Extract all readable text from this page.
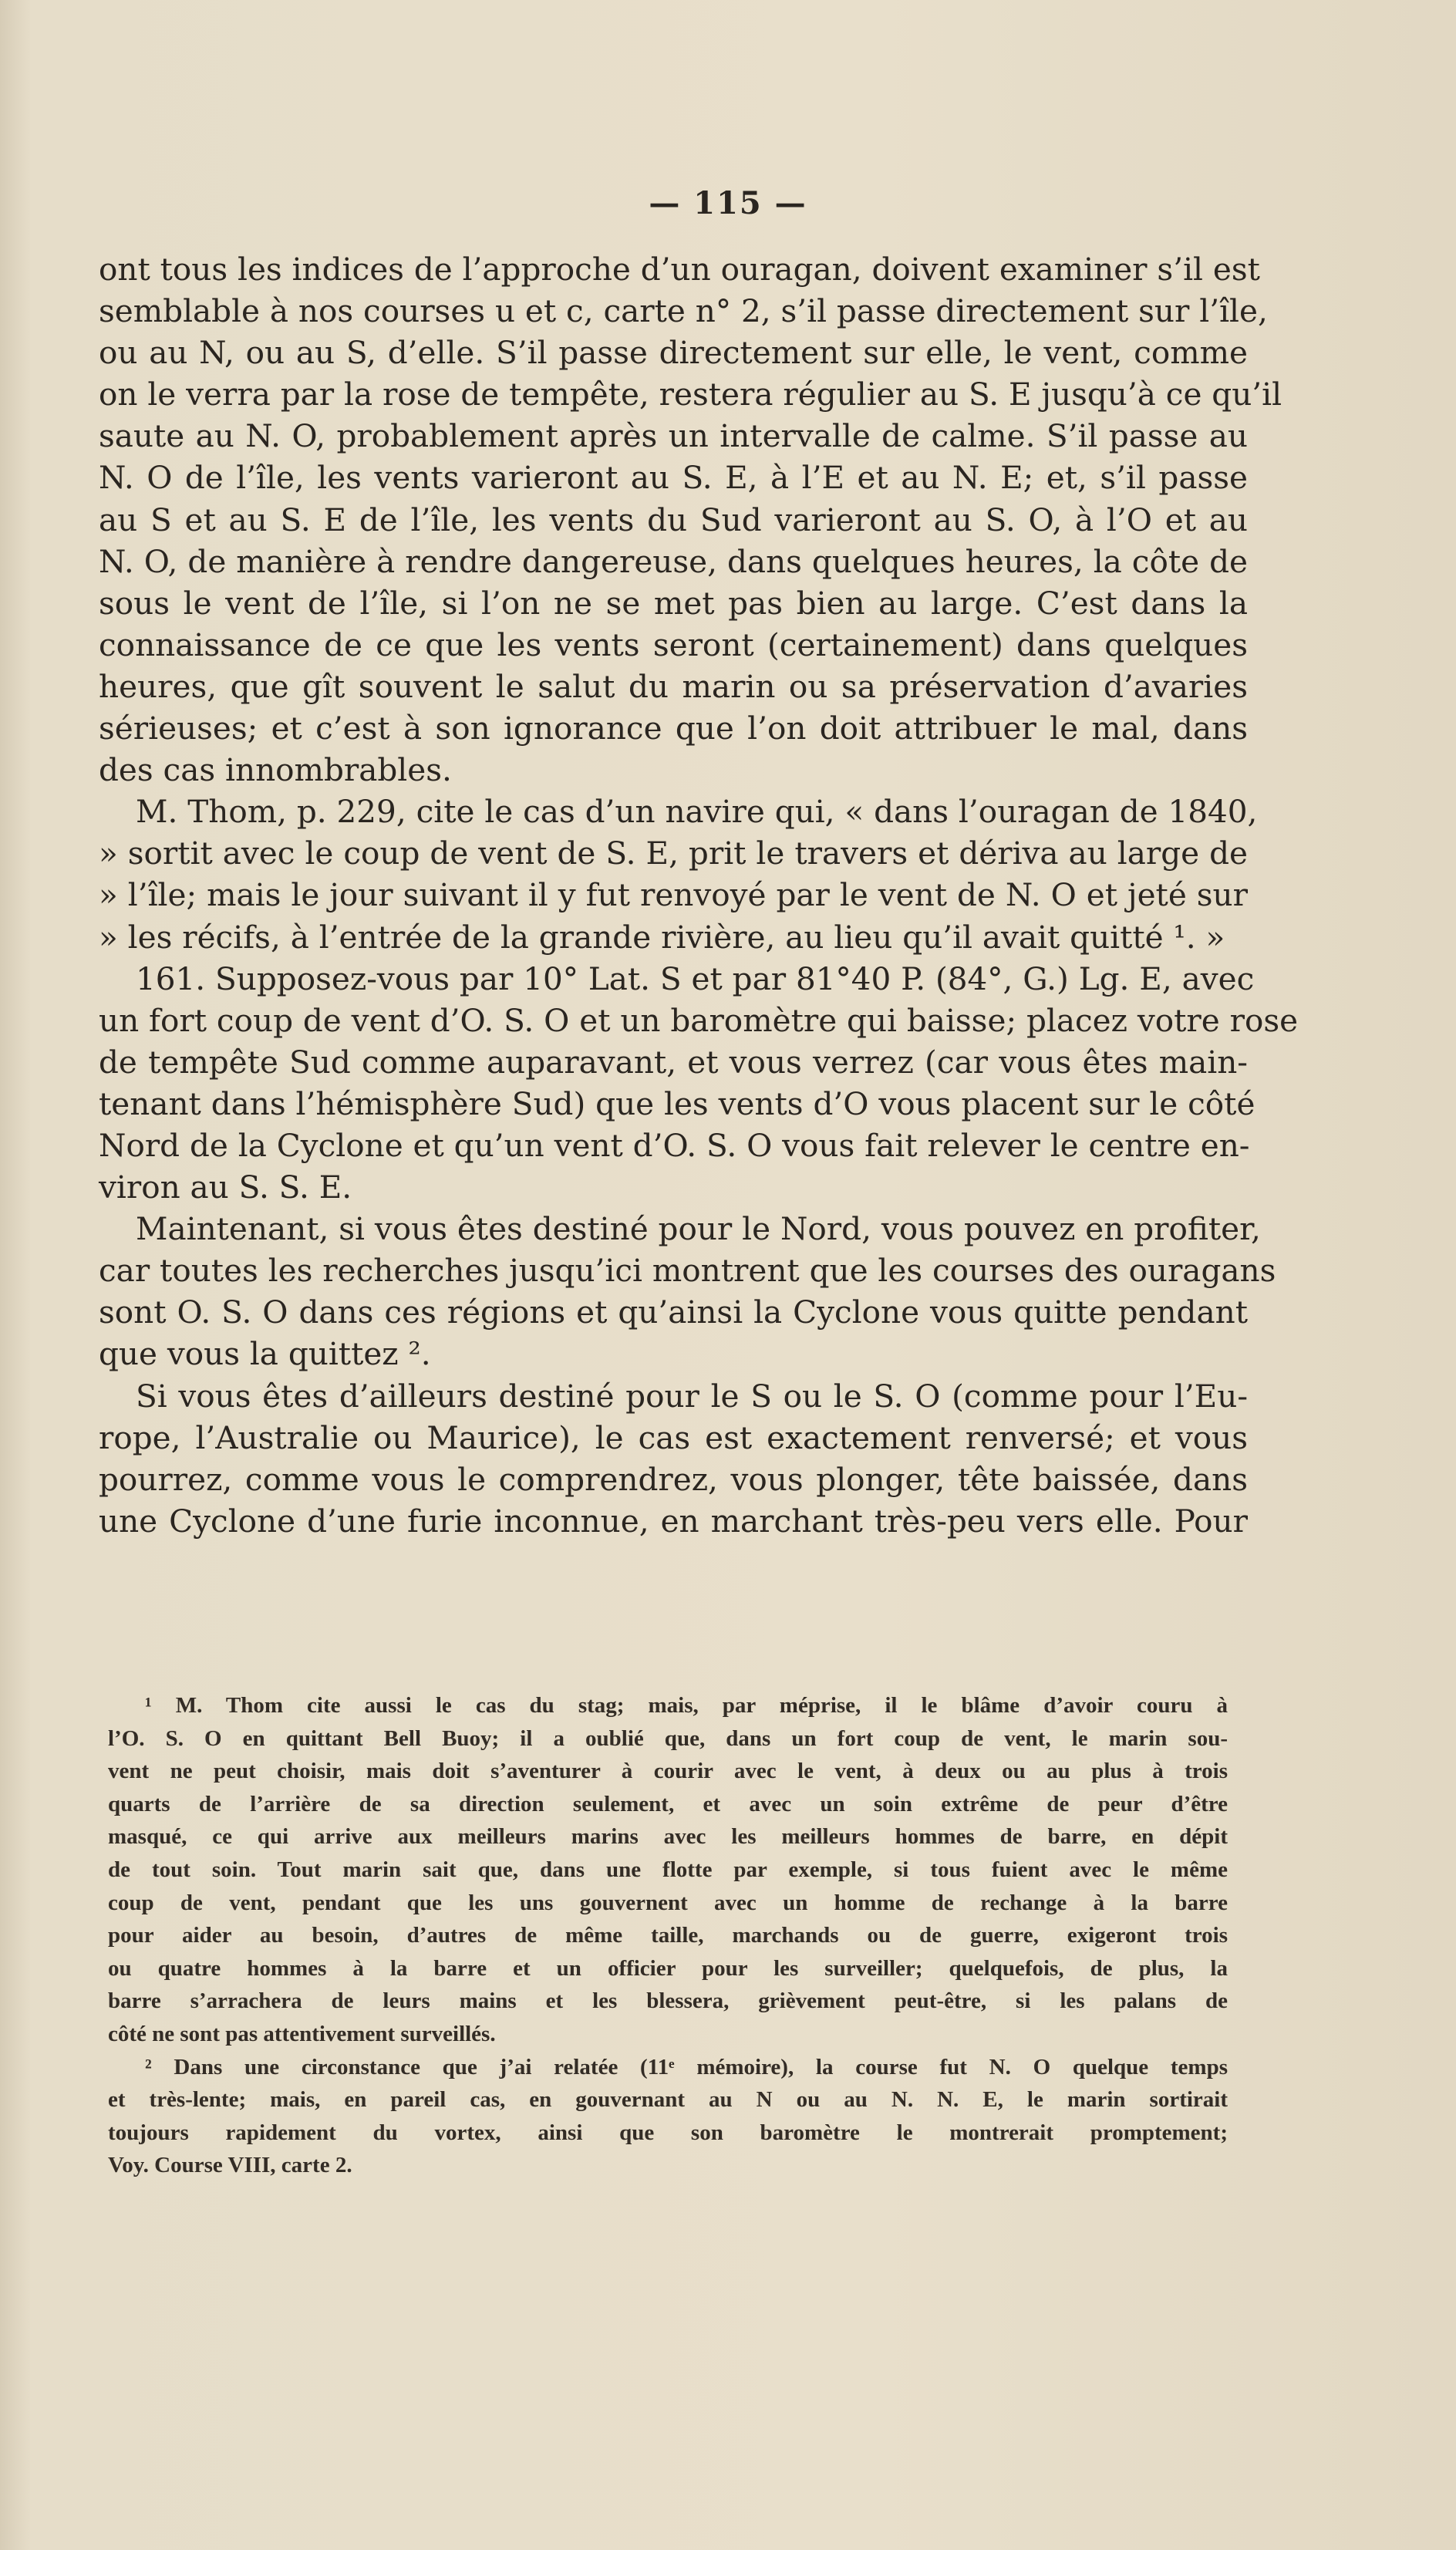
— 115 —
ont tous les indices de l’approche d’un ouragan, doivent examiner s’il est
semblable à nos courses u et c, carte n° 2, s’il passe directement sur l’île,
ou au N, ou au S, d’elle. S’il passe directement sur elle, le vent, comme
on le verra par la rose de tempête, restera régulier au S. E jusqu’à ce qu’il
saute au N. O, probablement après un intervalle de calme. S’il passe au
N. O de l’île, les vents varieront au S. E, à l’E et au N. E; et, s’il passe
au S et au S. E de l’île, les vents du Sud varieront au S. O, à l’O et au
N. O, de manière à rendre dangereuse, dans quelques heures, la côte de
sous le vent de l’île, si l’on ne se met pas bien au large. C’est dans la
connaissance de ce que les vents seront (certainement) dans quelques
heures, que gît souvent le salut du marin ou sa préservation d’avaries
sérieuses; et c’est à son ignorance que l’on doit attribuer le mal, dans
des cas innombrables.
M. Thom, p. 229, cite le cas d’un navire qui, « dans l’ouragan de 1840,
» sortit avec le coup de vent de S. E, prit le travers et dériva au large de
» l’île; mais le jour suivant il y fut renvoyé par le vent de N. O et jeté sur
» les récifs, à l’entrée de la grande rivière, au lieu qu’il avait quitté ¹. »
161. Supposez-vous par 10° Lat. S et par 81°40 P. (84°, G.) Lg. E, avec
un fort coup de vent d’O. S. O et un baromètre qui baisse; placez votre rose
de tempête Sud comme auparavant, et vous verrez (car vous êtes main-
tenant dans l’hémisphère Sud) que les vents d’O vous placent sur le côté
Nord de la Cyclone et qu’un vent d’O. S. O vous fait relever le centre en-
viron au S. S. E.
Maintenant, si vous êtes destiné pour le Nord, vous pouvez en profiter,
car toutes les recherches jusqu’ici montrent que les courses des ouragans
sont O. S. O dans ces régions et qu’ainsi la Cyclone vous quitte pendant
que vous la quittez ².
Si vous êtes d’ailleurs destiné pour le S ou le S. O (comme pour l’Eu-
rope, l’Australie ou Maurice), le cas est exactement renversé; et vous
pourrez, comme vous le comprendrez, vous plonger, tête baissée, dans
une Cyclone d’une furie inconnue, en marchant très-peu vers elle. Pour
¹ M. Thom cite aussi le cas du stag; mais, par méprise, il le blâme d’avoir couru à
l’O. S. O en quittant Bell Buoy; il a oublié que, dans un fort coup de vent, le marin sou-
vent ne peut choisir, mais doit s’aventurer à courir avec le vent, à deux ou au plus à trois
quarts de l’arrière de sa direction seulement, et avec un soin extrême de peur d’être
masqué, ce qui arrive aux meilleurs marins avec les meilleurs hommes de barre, en dépit
de tout soin. Tout marin sait que, dans une flotte par exemple, si tous fuient avec le même
coup de vent, pendant que les uns gouvernent avec un homme de rechange à la barre
pour aider au besoin, d’autres de même taille, marchands ou de guerre, exigeront trois
ou quatre hommes à la barre et un officier pour les surveiller; quelquefois, de plus, la
barre s’arrachera de leurs mains et les blessera, grièvement peut-être, si les palans de
côté ne sont pas attentivement surveillés.
² Dans une circonstance que j’ai relatée (11ᵉ mémoire), la course fut N. O quelque temps
et très-lente; mais, en pareil cas, en gouvernant au N ou au N. N. E, le marin sortirait
toujours rapidement du vortex, ainsi que son baromètre le montrerait promptement;
Voy. Course VIII, carte 2.
